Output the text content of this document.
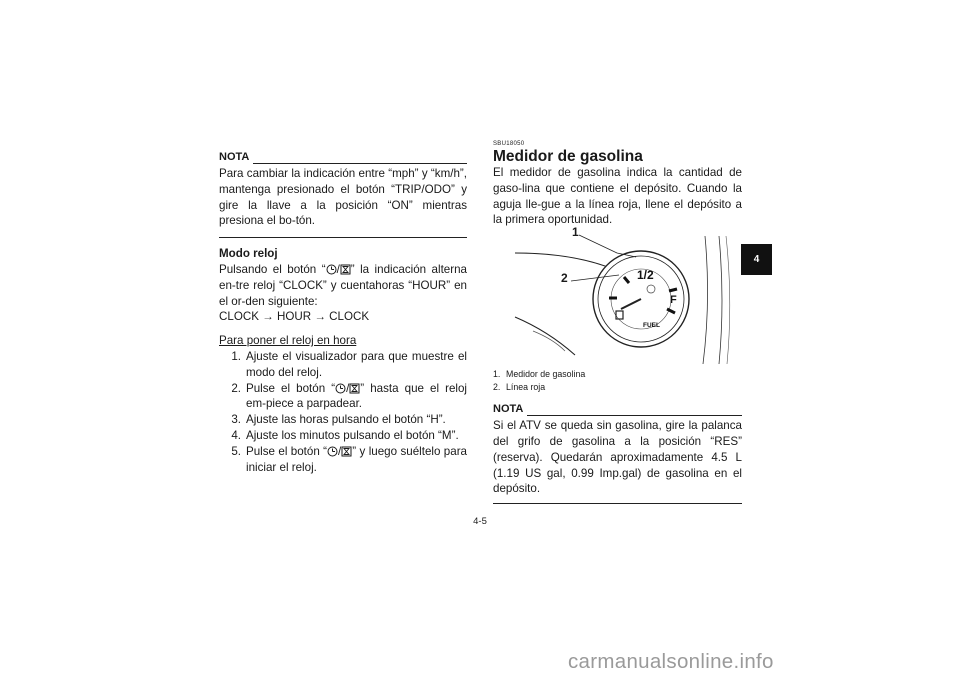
NOTA
Para cambiar la indicación entre “mph” y “km/h”, mantenga presionado el botón “TRIP/ODO” y gire la llave a la posición “ON” mientras presiona el bo-tón.
Modo reloj
Pulsando el botón “ / ” la indicación alterna en-tre reloj “CLOCK” y cuentahoras “HOUR” en el or-den siguiente:
CLOCK → HOUR → CLOCK
Para poner el reloj en hora
1. Ajuste el visualizador para que muestre el modo del reloj.
2. Pulse el botón “ / ” hasta que el reloj em-piece a parpadear.
3. Ajuste las horas pulsando el botón “H”.
4. Ajuste los minutos pulsando el botón “M”.
5. Pulse el botón “ / ” y luego suéltelo para iniciar el reloj.
SBU18050
Medidor de gasolina
El medidor de gasolina indica la cantidad de gaso-lina que contiene el depósito. Cuando la aguja lle-gue a la línea roja, llene el depósito a la primera oportunidad.
1/2
F
FUEL
1
2
1. Medidor de gasolina
2. Línea roja
NOTA
Si el ATV se queda sin gasolina, gire la palanca del grifo de gasolina a la posición “RES” (reserva). Quedarán aproximadamente 4.5 L (1.19 US gal, 0.99 Imp.gal) de gasolina en el depósito.
4
4-5
carmanualsonline.info
